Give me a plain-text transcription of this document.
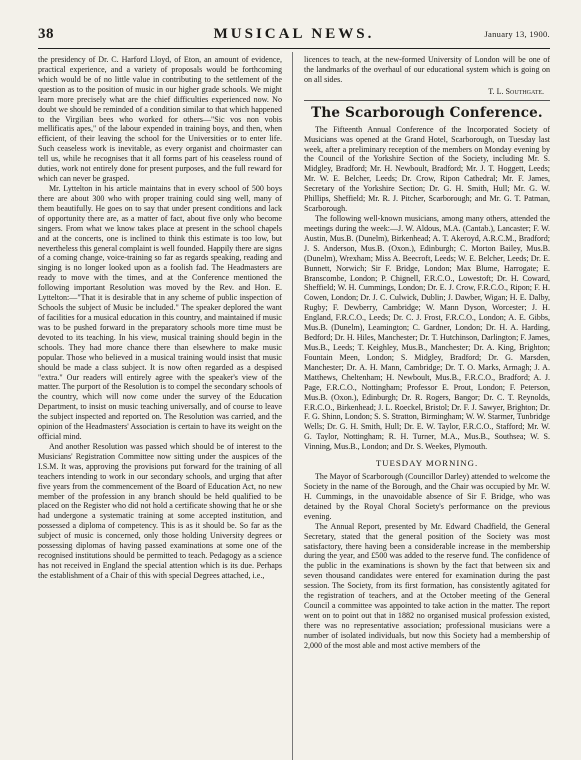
38	MUSICAL NEWS.	January 13, 1900.

the presidency of Dr. C. Harford Lloyd, of Eton, an amount of evidence, practical experience, and a variety of proposals would be forthcoming which would be of no little value in contributing to the settlement of the question as to the position of music in our higher grade schools. We might learn more precisely what are the chief difficulties experienced now. No doubt we should be reminded of a condition similar to that which happened to the Virgilian bees who worked for others—"Sic vos non vobis mellificatis apes," of the labour expended in training boys, and then, when efficient, of their leaving the school for the Universities or to enter life. Such ceaseless work is inevitable, as every organist and choirmaster can tell us, while he recognises that it all forms part of his ceaseless round of duties, work not entirely done for present purposes, and the full reward for which can never be grasped.

Mr. Lyttelton in his article maintains that in every school of 500 boys there are about 300 who with proper training could sing well, many of them beautifully. He goes on to say that under present conditions and lack of opportunity there are, as a matter of fact, about five only who become singers. From what we know takes place at present in the school chapels and at the concerts, one is inclined to think this estimate is too low, but nevertheless this general complaint is well founded. Happily there are signs of a coming change, voice-training so far as regards speaking, reading and singing is no longer looked upon as a foolish fad. The Headmasters are ready to move with the times, and at the Conference mentioned the following important Resolution was moved by the Rev. and Hon. E. Lyttelton:—"That it is desirable that in any scheme of public inspection of Schools the subject of Music be included." The speaker deplored the want of facilities for a musical education in this country, and maintained if music was to be pushed forward in the preparatory schools more time must be devoted to its teaching. In his view, musical training should begin in the schools. They had more chance there than elsewhere to make music popular. Those who believed in a musical training would insist that music should be made a class subject. It is now often regarded as a despised "extra." Our readers will entirely agree with the speaker's view of the matter. The purport of the Resolution is to compel the secondary schools of the country, which will now come under the survey of the Education Department, to insist on music teaching universally, and of course to leave the subject inspected and reported on. The Resolution was carried, and the opinion of the Headmasters' Association is certain to have its weight on the official mind.

And another Resolution was passed which should be of interest to the Musicians' Registration Committee now sitting under the auspices of the I.S.M. It was, approving the provisions put forward for the training of all teachers intending to work in our secondary schools, and urging that after five years from the commencement of the Board of Education Act, no new member of the profession in any branch should be held qualified to be placed on the Register who did not hold a certificate showing that he or she had undergone a systematic training at some accepted institution, and possessed a diploma of competency. This is as it should be. So far as the subject of music is concerned, only those holding University degrees or possessing diplomas of having passed examinations at some one of the recognised institutions should be permitted to teach. Pedagogy as a science has not received in England the special attention which is its due. Perhaps the establishment of a Chair of this with special Degrees attached, i.e.,

licences to teach, at the new-formed University of London will be one of the landmarks of the overhaul of our educational system which is going on on all sides.

T. L. Southgate.

The Scarborough Conference.

The Fifteenth Annual Conference of the Incorporated Society of Musicians was opened at the Grand Hotel, Scarborough, on Tuesday last week, after a preliminary reception of the members on Monday evening by the Council of the Yorkshire Section of the Society, including Mr. S. Midgley, Bradford; Mr. H. Newboult, Bradford; Mr. J. T. Hoggett, Leeds; Mr. W. E. Belcher, Leeds; Dr. Crow, Ripon Cathedral; Mr. F. James, Secretary of the Yorkshire Section; Dr. G. H. Smith, Hull; Mr. G. W. Phillips, Sheffield; Mr. R. J. Pitcher, Scarborough; and Mr. G. T. Patman, Scarborough.

The following well-known musicians, among many others, attended the meetings during the week:—J. W. Aldous, M.A. (Cantab.), Lancaster; F. W. Austin, Mus.B. (Dunelm), Birkenhead; A. T. Akeroyd, A.R.C.M., Bradford; J. S. Anderson, Mus.B. (Oxon.), Edinburgh; C. Morton Bailey, Mus.B. (Dunelm), Wrexham; Miss A. Beecroft, Leeds; W. E. Belcher, Leeds; Dr. E. Bunnett, Norwich; Sir F. Bridge, London; Max Blume, Harrogate; E. Branscombe, London; P. Chignell, F.R.C.O., Lowestoft; Dr. H. Coward, Sheffield; W. H. Cummings, London; Dr. E. J. Crow, F.R.C.O., Ripon; F. H. Cowen, London; Dr. J. C. Culwick, Dublin; J. Dawber, Wigan; H. E. Dalby, Rugby; F. Dewberry, Cambridge; W. Mann Dyson, Worcester; J. H. England, F.R.C.O., Leeds; Dr. C. J. Frost, F.R.C.O., London; A. E. Gibbs, Mus.B. (Dunelm), Leamington; C. Gardner, London; Dr. H. A. Harding, Bedford; Dr. H. Hiles, Manchester; Dr. T. Hutchinson, Darlington; F. James, Mus.B., Leeds; T. Keighley, Mus.B., Manchester; Dr. A. King, Brighton; Fountain Meen, London; S. Midgley, Bradford; Dr. G. Marsden, Manchester; Dr. A. H. Mann, Cambridge; Dr. T. O. Marks, Armagh; J. A. Matthews, Cheltenham; H. Newboult, Mus.B., F.R.C.O., Bradford; A. J. Page, F.R.C.O., Nottingham; Professor E. Prout, London; F. Peterson, Mus.B. (Oxon.), Edinburgh; Dr. R. Rogers, Bangor; Dr. C. T. Reynolds, F.R.C.O., Birkenhead; J. L. Roeckel, Bristol; Dr. F. J. Sawyer, Brighton; Dr. F. G. Shinn, London; S. S. Stratton, Birmingham; W. W. Starmer, Tunbridge Wells; Dr. G. H. Smith, Hull; Dr. E. W. Taylor, F.R.C.O., Stafford; Mr. W. G. Taylor, Nottingham; R. H. Turner, M.A., Mus.B., Southsea; W. S. Vinning, Mus.B., London; and Dr. S. Weekes, Plymouth.

TUESDAY MORNING.

The Mayor of Scarborough (Councillor Darley) attended to welcome the Society in the name of the Borough, and the Chair was occupied by Mr. W. H. Cummings, in the unavoidable absence of Sir F. Bridge, who was detained by the Royal Choral Society's performance on the previous evening.

The Annual Report, presented by Mr. Edward Chadfield, the General Secretary, stated that the general position of the Society was most satisfactory, there having been a considerable increase in the membership during the year, and £500 was added to the reserve fund. The confidence of the public in the examinations is shown by the fact that between six and seven thousand candidates were entered for examination during the past session. The Society, from its first formation, has consistently agitated for the registration of teachers, and at the October meeting of the General Council a committee was appointed to take action in the matter. The report went on to point out that in 1882 no organised musical profession existed, there was no representative association; professional musicians were a number of isolated individuals, but now this Society had a membership of 2,000 of the most able and most active members of the
